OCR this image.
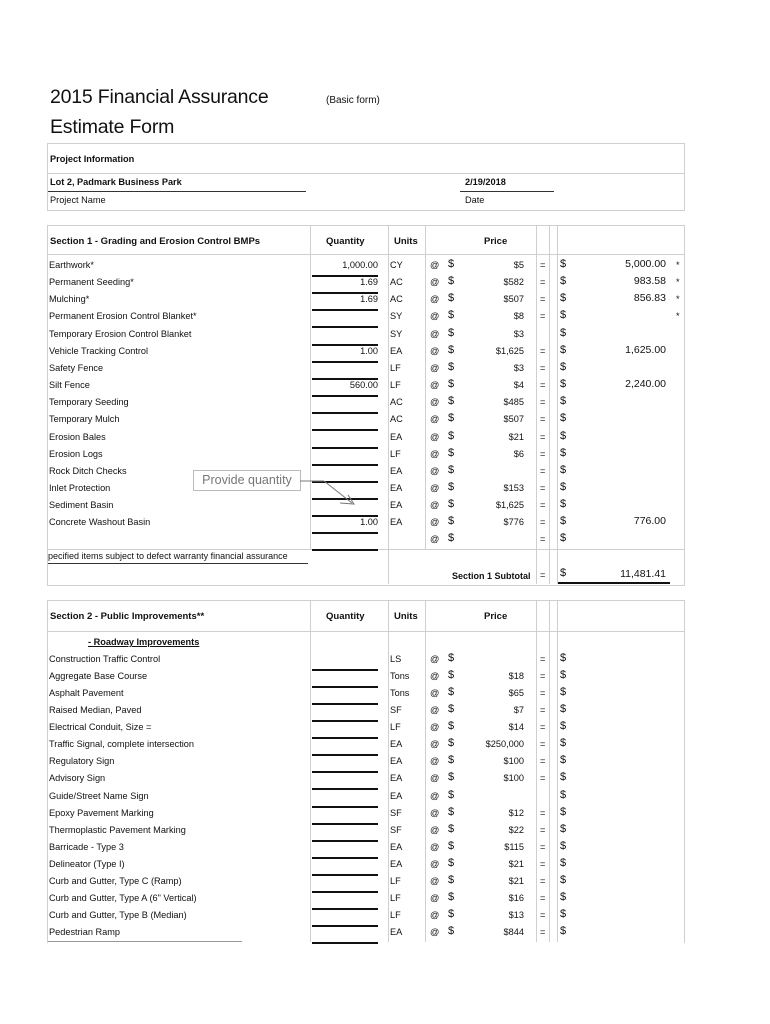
2015 Financial Assurance
Estimate Form
(Basic form)
Project Information
Lot 2, Padmark Business Park
Project Name
2/19/2018
Date
Section 1 - Grading and Erosion Control BMPs	Quantity	Units	Price
Earthwork*	1,000.00 CY	@ $	$5 = $	5,000.00 *
Permanent Seeding*	1.69 AC	@ $	$582 = $	983.58 *
Mulching*	1.69 AC	@ $	$507 = $	856.83 *
Permanent Erosion Control Blanket*	SY	@ $	$8 = $	*
Temporary Erosion Control Blanket	SY	@ $	$3	$
Vehicle Tracking Control	1.00 EA	@ $	$1,625 = $	1,625.00
Safety Fence	LF	@ $	$3 = $
Silt Fence	560.00 LF	@ $	$4 = $	2,240.00
Temporary Seeding	AC	@ $	$485 = $
Temporary Mulch	AC	@ $	$507 = $
Erosion Bales	EA	@ $	$21 = $
Erosion Logs	LF	@ $	$6 = $
Rock Ditch Checks	EA	@ $	= $
Inlet Protection	EA	@ $	$153 = $
Sediment Basin	EA	@ $	$1,625 = $
Concrete Washout Basin	1.00 EA	@ $	$776 = $	776.00
@ $	= $
pecified items subject to defect warranty financial assurance
Section 1 Subtotal = $	11,481.41
Provide quantity
Section 2 - Public Improvements**	Quantity	Units	Price
- Roadway Improvements
Construction Traffic Control	LS	@ $	= $
Aggregate Base Course	Tons @ $	$18 = $
Asphalt Pavement	Tons @ $	$65 = $
Raised Median, Paved	SF	@ $	$7 = $
Electrical Conduit, Size =	LF	@ $	$14 = $
Traffic Signal, complete intersection	EA	@ $	$250,000 = $
Regulatory Sign	EA	@ $	$100 = $
Advisory Sign	EA	@ $	$100 = $
Guide/Street Name Sign	EA	@ $	$
Epoxy Pavement Marking	SF	@ $	$12 = $
Thermoplastic Pavement Marking	SF	@ $	$22 = $
Barricade - Type 3	EA	@ $	$115 = $
Delineator (Type I)	EA	@ $	$21 = $
Curb and Gutter, Type C (Ramp)	LF	@ $	$21 = $
Curb and Gutter, Type A (6" Vertical)	LF	@ $	$16 = $
Curb and Gutter, Type B (Median)	LF	@ $	$13 = $
Pedestrian Ramp	EA	@ $	$844 = $
